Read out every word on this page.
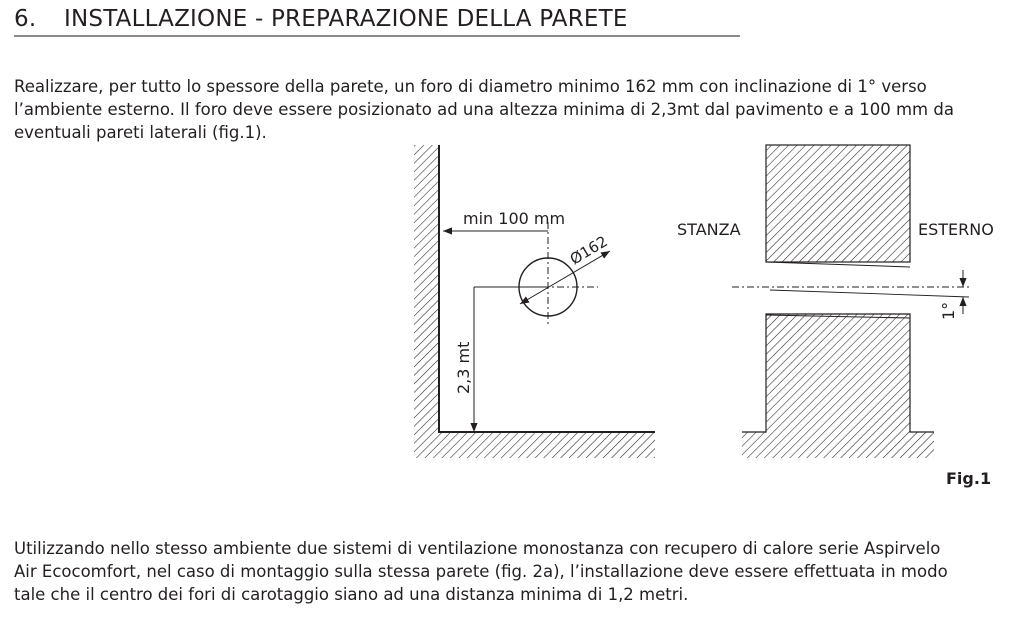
6. INSTALLAZIONE - PREPARAZIONE DELLA PARETE

Realizzare, per tutto lo spessore della parete, un foro di diametro minimo 162 mm con inclinazione di 1° verso
l’ambiente esterno. Il foro deve essere posizionato ad una altezza minima di 2,3mt dal pavimento e a 100 mm da
eventuali pareti laterali (fig.1).

min 100 mm
Ø162
2,3 mt
STANZA	ESTERNO
1°
Fig.1

Utilizzando nello stesso ambiente due sistemi di ventilazione monostanza con recupero di calore serie Aspirvelo
Air Ecocomfort, nel caso di montaggio sulla stessa parete (fig. 2a), l’installazione deve essere effettuata in modo
tale che il centro dei fori di carotaggio siano ad una distanza minima di 1,2 metri.
